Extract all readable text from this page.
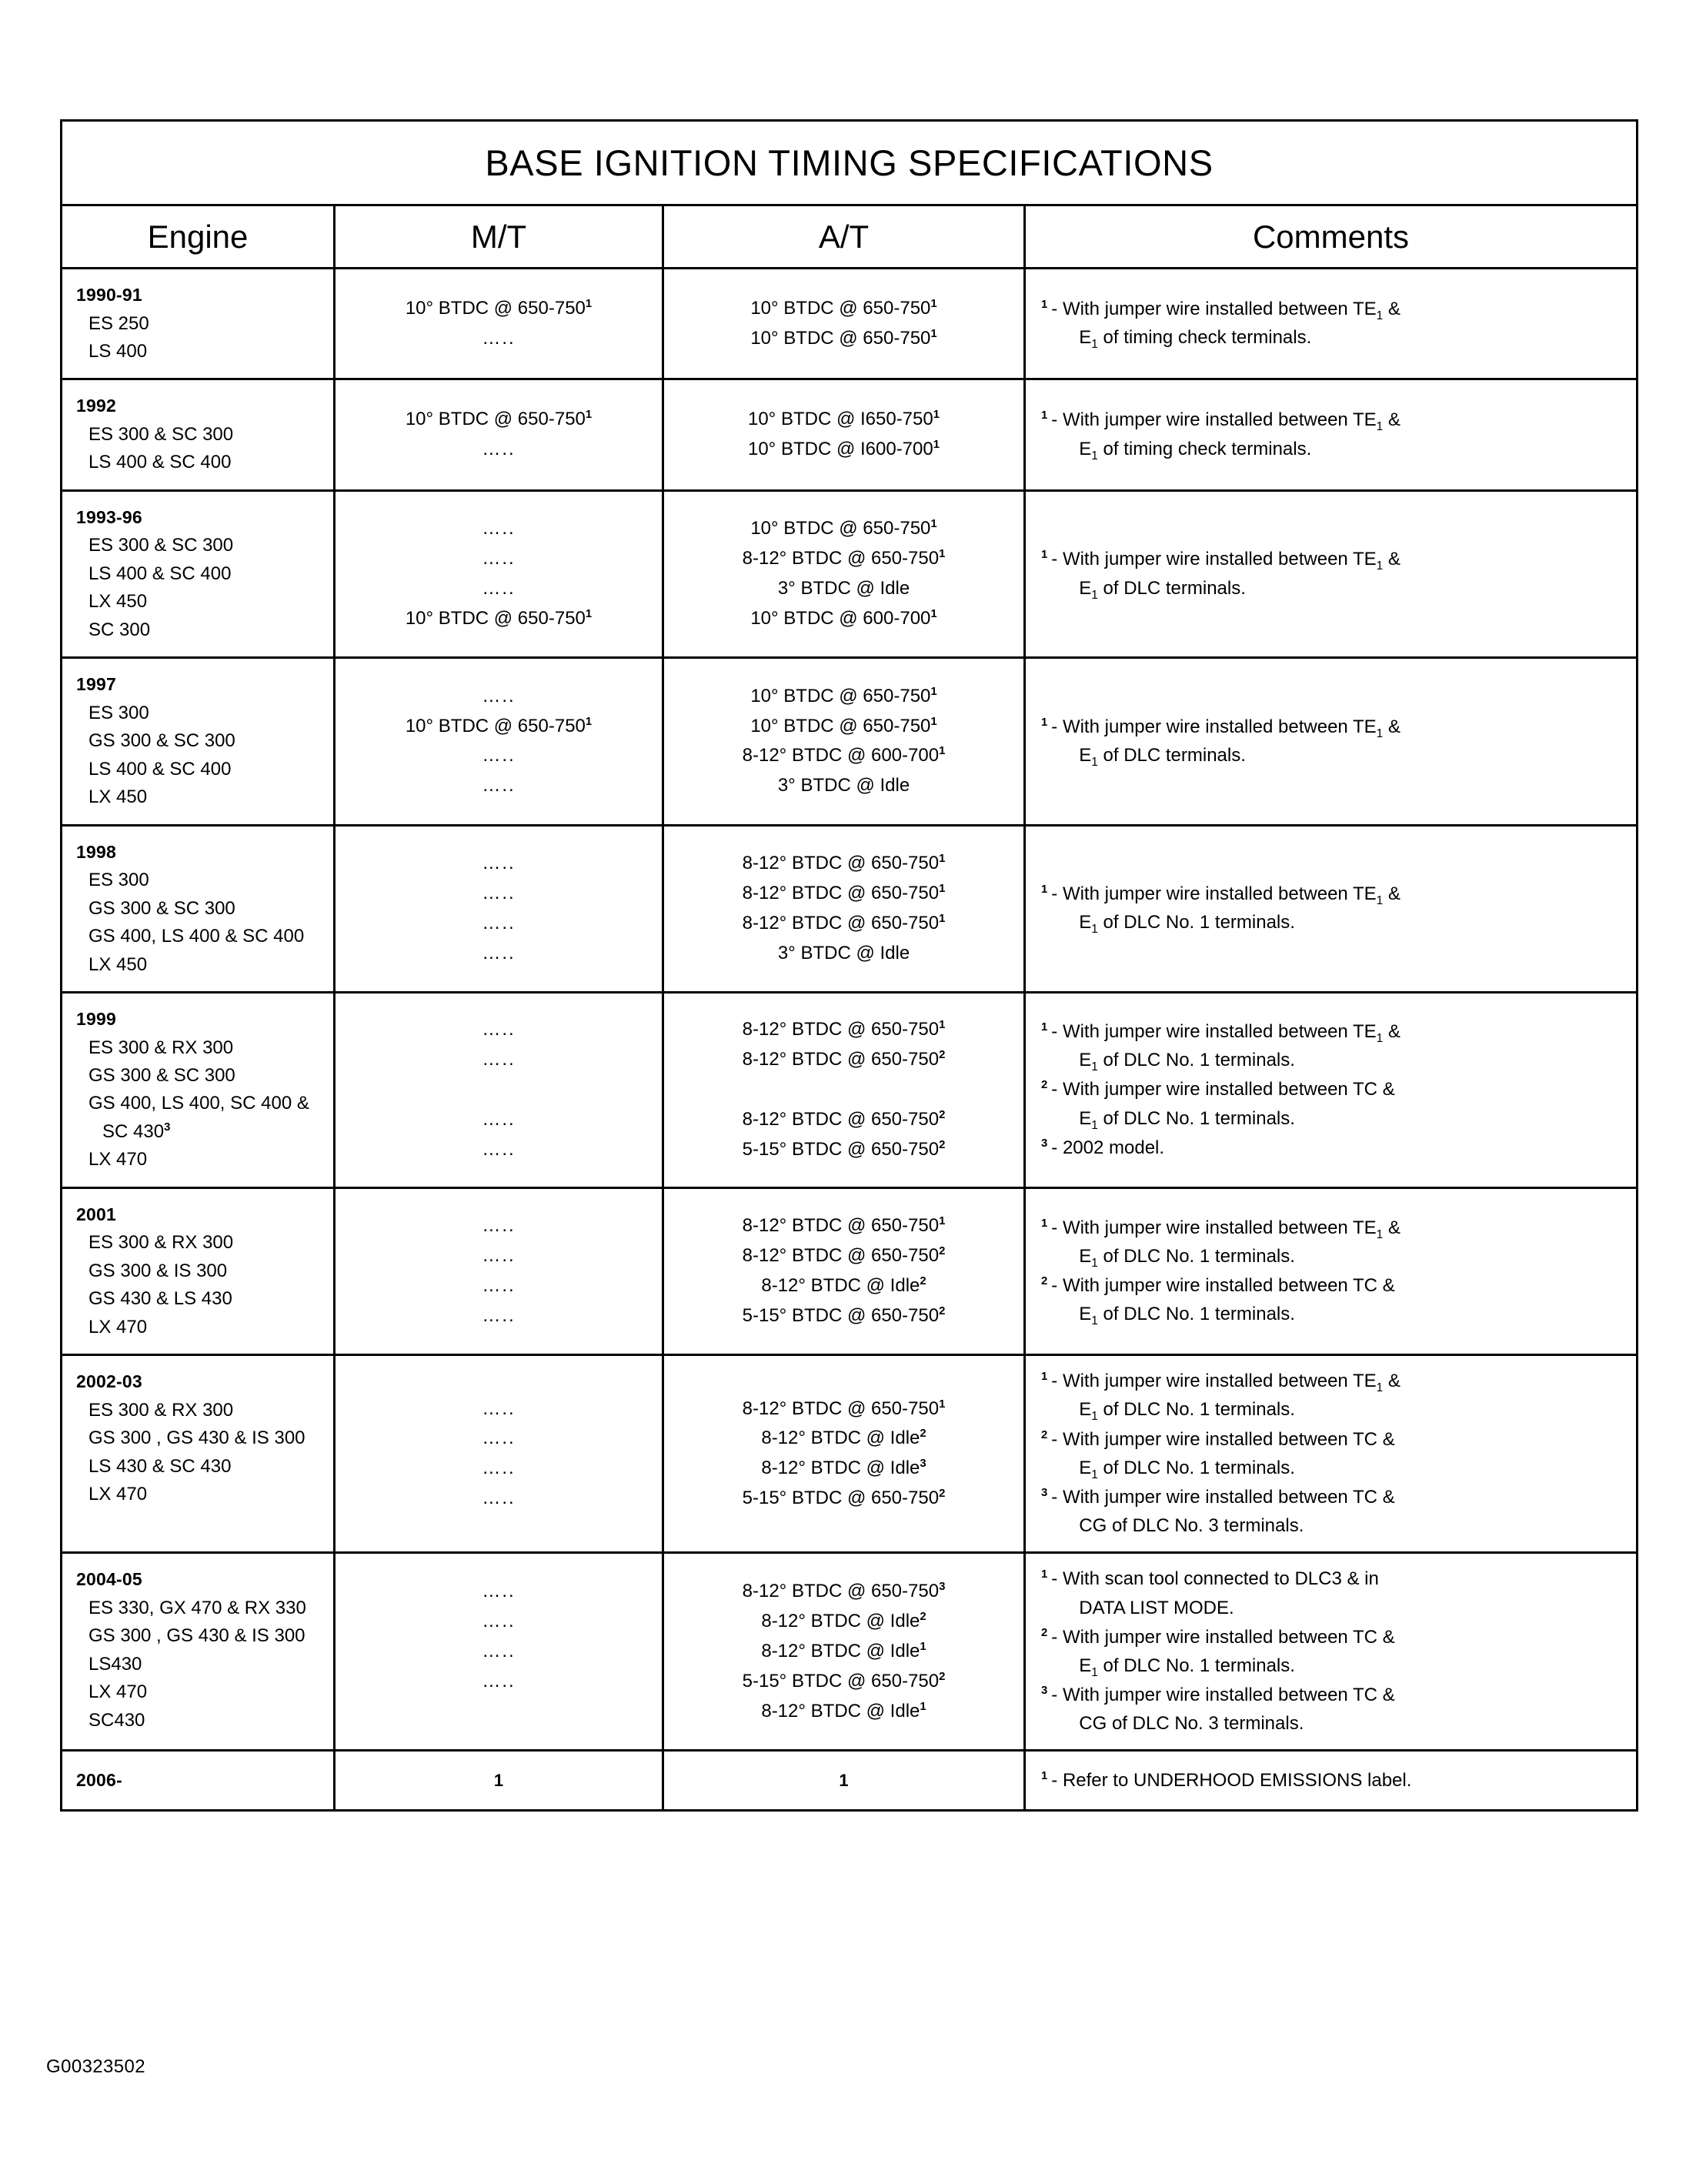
BASE IGNITION TIMING SPECIFICATIONS			
Engine	M/T	A/T	Comments

1990-91
ES 250
LS 400

10° BTDC @ $650-750^1$
…..

10° BTDC @ $650-750^1$
10° BTDC @ $650-750^1$

$^1$ - With jumper wire installed between $TE_1$ &
$E_1$ of timing check terminals.

1992
ES 300 & SC 300
LS 400 & SC 400

10° BTDC @ $650-750^1$
…..

10° BTDC @ $I650-750^1$
10° BTDC @ $I600-700^1$

$^1$ - With jumper wire installed between $TE_1$ &
$E_1$ of timing check terminals.

1993-96
ES 300 & SC 300
LS 400 & SC 400
LX 450
SC 300

…..
…..
…..
10° BTDC @ $650-750^1$

10° BTDC @ $650-750^1$
8-12° BTDC @ $650-750^1$
3° BTDC @ Idle
10° BTDC @ $600-700^1$

$^1$ - With jumper wire installed between $TE_1$ &
$E_1$ of DLC terminals.

1997
ES 300
GS 300 & SC 300
LS 400 & SC 400
LX 450

…..
10° BTDC @ $650-750^1$
…..
…..

10° BTDC @ $650-750^1$
10° BTDC @ $650-750^1$
8-12° BTDC @ $600-700^1$
3° BTDC @ Idle

$^1$ - With jumper wire installed between $TE_1$ &
$E_1$ of DLC terminals.

1998
ES 300
GS 300 & SC 300
GS 400, LS 400 & SC 400
LX 450

…..
…..
…..
…..

8-12° BTDC @ $650-750^1$
8-12° BTDC @ $650-750^1$
8-12° BTDC @ $650-750^1$
3° BTDC @ Idle

$^1$ - With jumper wire installed between $TE_1$ &
$E_1$ of DLC No. 1 terminals.

1999
ES 300 & RX 300
GS 300 & SC 300
GS 400, LS 400, SC 400 &
SC $430^3$
LX 470

…..
…..

…..
…..

8-12° BTDC @ $650-750^1$
8-12° BTDC @ $650-750^2$

8-12° BTDC @ $650-750^2$
5-15° BTDC @ $650-750^2$

$^1$ - With jumper wire installed between $TE_1$ &
$E_1$ of DLC No. 1 terminals.
$^2$ - With jumper wire installed between TC &
$E_1$ of DLC No. 1 terminals.
$^3$ - 2002 model.

2001
ES 300 & RX 300
GS 300 & IS 300
GS 430 & LS 430
LX 470

…..
…..
…..
…..

8-12° BTDC @ $650-750^1$
8-12° BTDC @ $650-750^2$
8-12° BTDC @ Idle$^2$
5-15° BTDC @ $650-750^2$

$^1$ - With jumper wire installed between $TE_1$ &
$E_1$ of DLC No. 1 terminals.
$^2$ - With jumper wire installed between TC &
$E_1$ of DLC No. 1 terminals.

2002-03
ES 300 & RX 300
GS 300 , GS 430 & IS 300
LS 430 & SC 430
LX 470

…..
…..
…..
…..

8-12° BTDC @ $650-750^1$
8-12° BTDC @ Idle$^2$
8-12° BTDC @ Idle$^3$
5-15° BTDC @ $650-750^2$

$^1$ - With jumper wire installed between $TE_1$ &
$E_1$ of DLC No. 1 terminals.
$^2$ - With jumper wire installed between TC &
$E_1$ of DLC No. 1 terminals.
$^3$ - With jumper wire installed between TC &
CG of DLC No. 3 terminals.

2004-05
ES 330, GX 470 & RX 330
GS 300 , GS 430 & IS 300
LS430
LX 470
SC430

…..
…..
…..
…..

8-12° BTDC @ $650-750^3$
8-12° BTDC @ Idle$^2$
8-12° BTDC @ Idle$^1$
5-15° BTDC @ $650-750^2$
8-12° BTDC @ Idle$^1$

$^1$ - With scan tool connected to DLC3 & in
DATA LIST MODE.
$^2$ - With jumper wire installed between TC &
$E_1$ of DLC No. 1 terminals.
$^3$ - With jumper wire installed between TC &
CG of DLC No. 3 terminals.

2006-	1	1	$^1$ - Refer to UNDERHOOD EMISSIONS label.
G00323502
